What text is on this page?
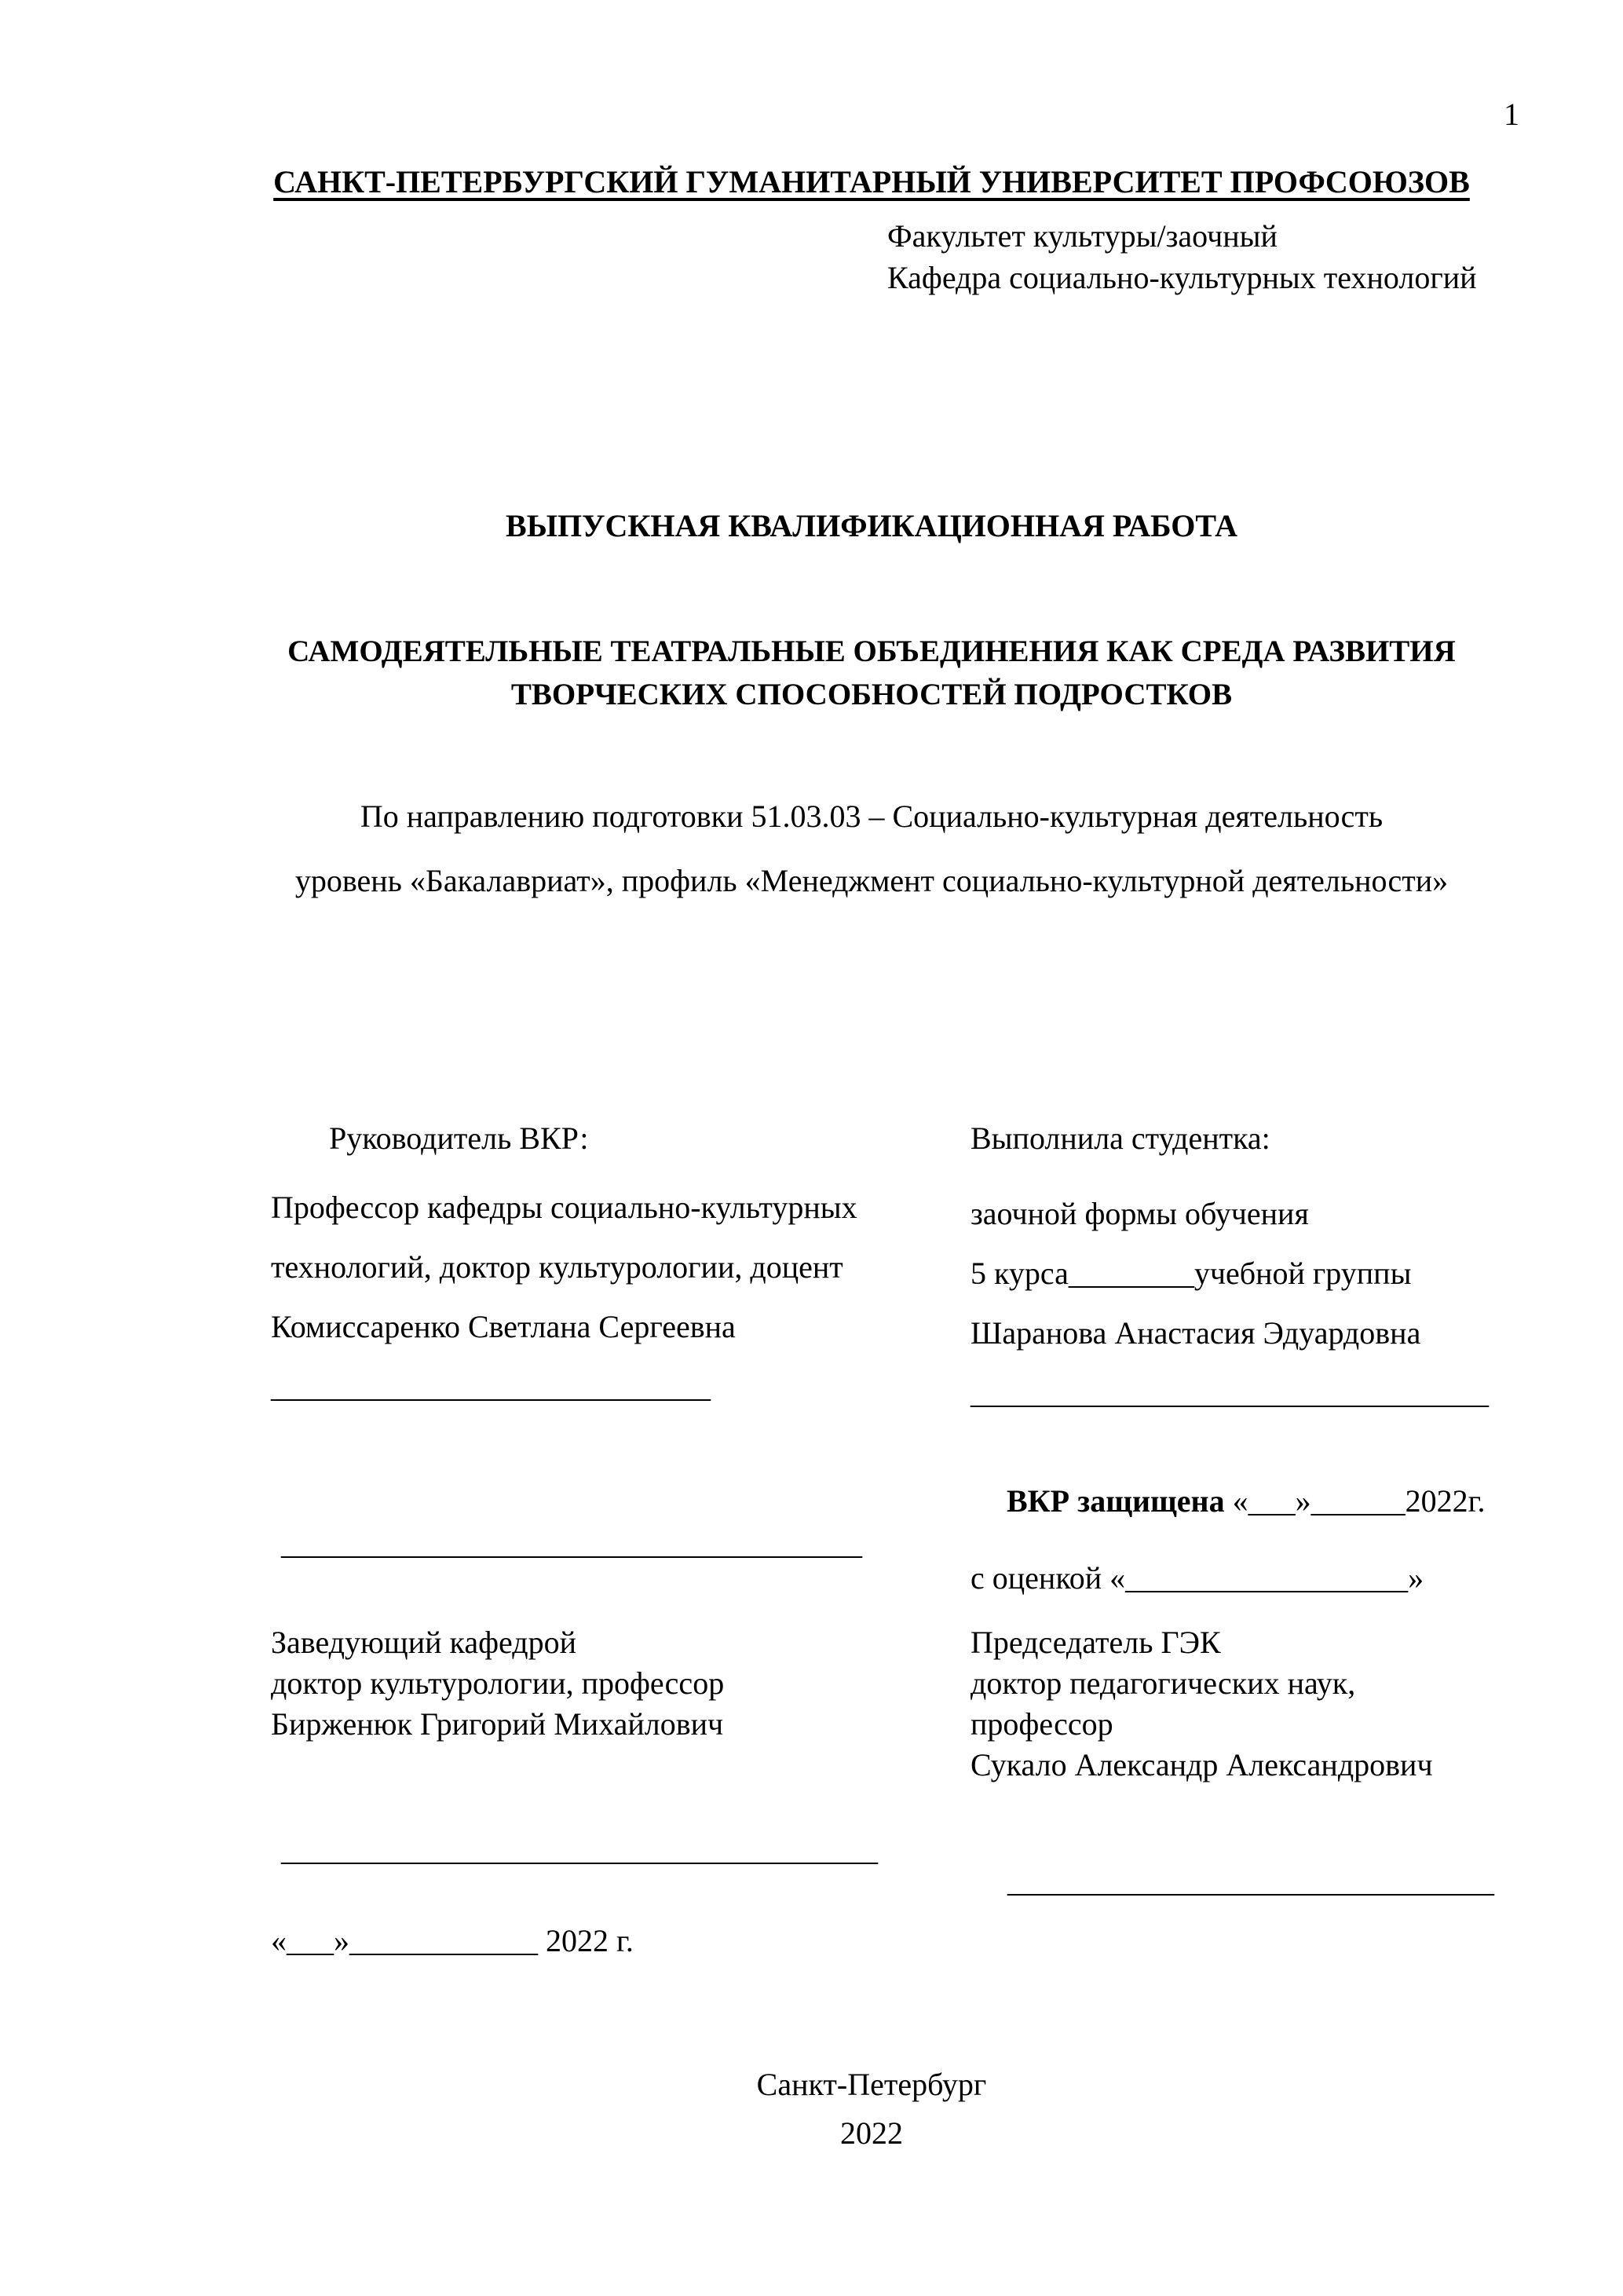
1
САНКТ-ПЕТЕРБУРГСКИЙ ГУМАНИТАРНЫЙ УНИВЕРСИТЕТ ПРОФСОЮЗОВ
Факультет культуры/заочный
Кафедра социально-культурных технологий
ВЫПУСКНАЯ КВАЛИФИКАЦИОННАЯ РАБОТА
САМОДЕЯТЕЛЬНЫЕ ТЕАТРАЛЬНЫЕ ОБЪЕДИНЕНИЯ КАК СРЕДА РАЗВИТИЯ
ТВОРЧЕСКИХ СПОСОБНОСТЕЙ ПОДРОСТКОВ
По направлению подготовки 51.03.03 – Социально-культурная деятельность
уровень «Бакалавриат», профиль «Менеджмент социально-культурной деятельности»
Руководитель ВКР:
Профессор кафедры социально-культурных
технологий, доктор культурологии, доцент
Комиссаренко Светлана Сергеевна
____________________________
Выполнила студентка:
заочной формы обучения
5 курса________учебной группы
Шаранова Анастасия Эдуардовна
_________________________________
ВКР защищена «___»______2022г.
с оценкой «__________________»
_____________________________________
Заведующий кафедрой
доктор культурологии, профессор
Бирженюк Григорий Михайлович
Председатель ГЭК
доктор педагогических наук,
профессор
Сукало Александр Александрович
______________________________________
_______________________________
«___»____________ 2022 г.
Санкт-Петербург
2022
